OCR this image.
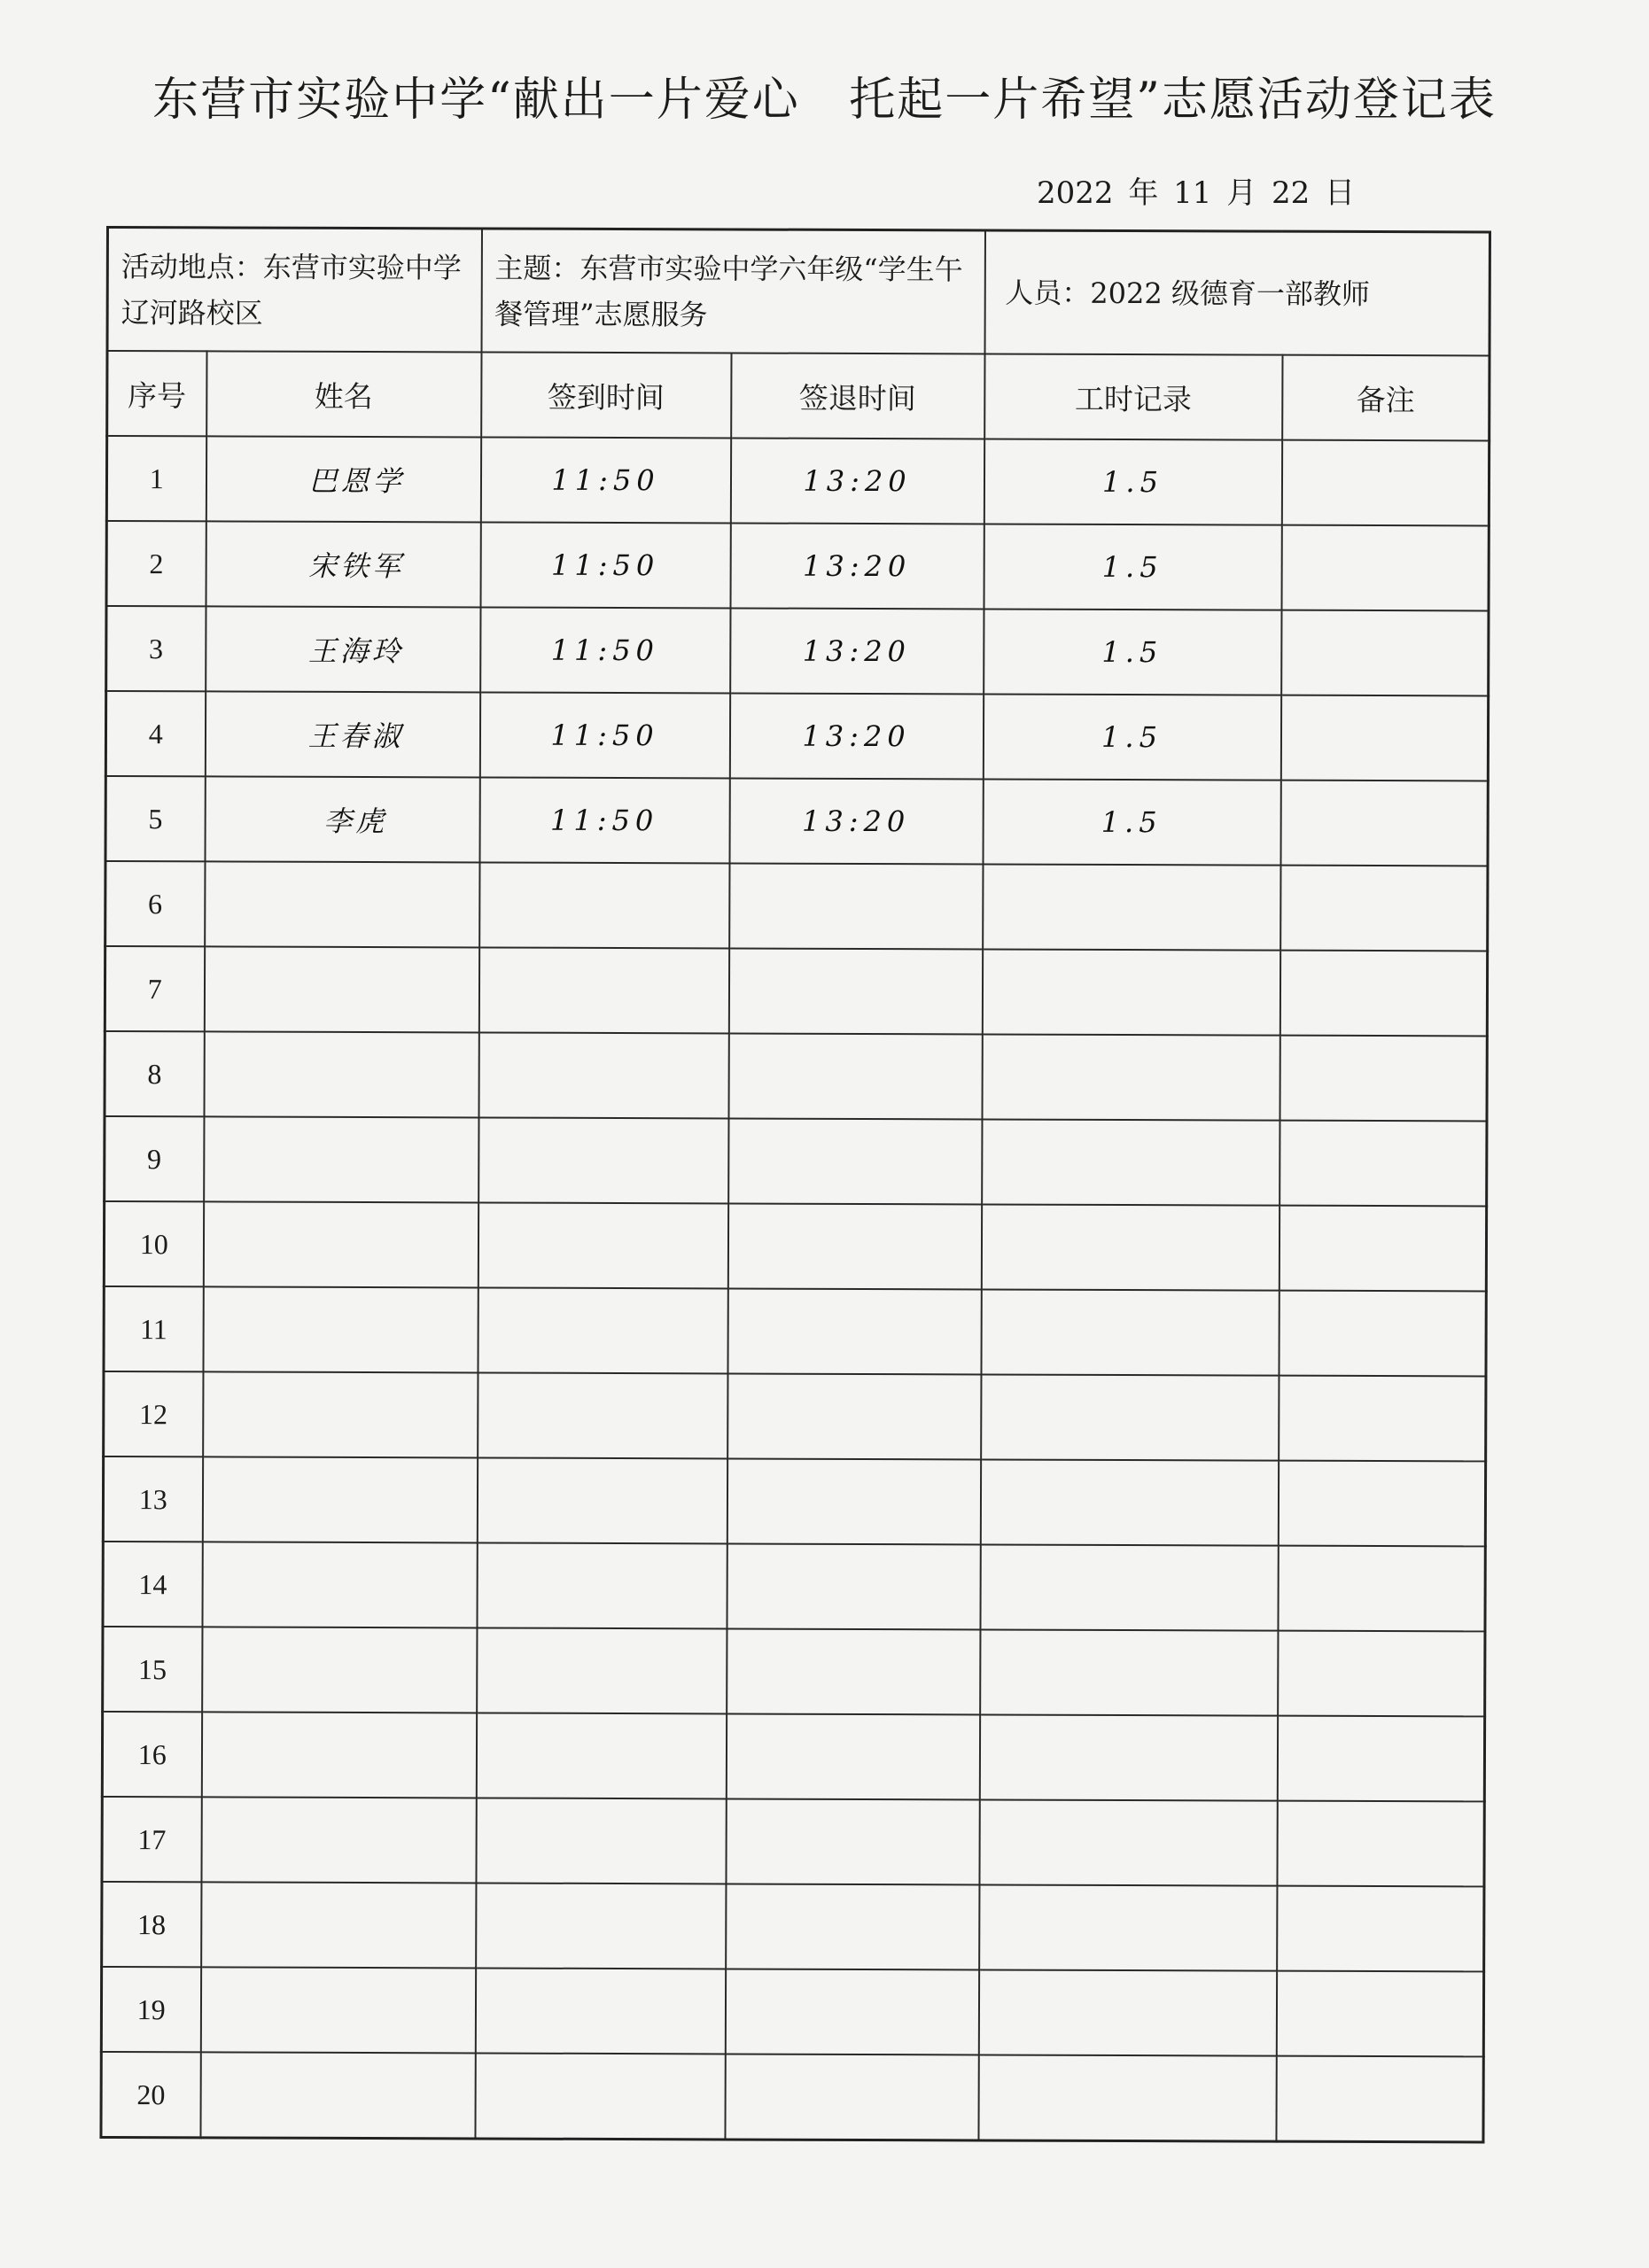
东营市实验中学“献出一片爱心   托起一片希望”志愿活动登记表
2022 年 11 月 22 日
活动地点：东营市实验中学辽河路校区		主题：东营市实验中学六年级“学生午餐管理”志愿服务		人员：2022 级德育一部教师	
序号	姓名	签到时间	签退时间	工时记录	备注
1	巴恩学	11:50	13:20	1.5	
2	宋铁军	11:50	13:20	1.5	
3	王海玲	11:50	13:20	1.5	
4	王春淑	11:50	13:20	1.5	
5	李虎	11:50	13:20	1.5	
6					
7					
8					
9					
10					
11					
12					
13					
14					
15					
16					
17					
18					
19					
20					
